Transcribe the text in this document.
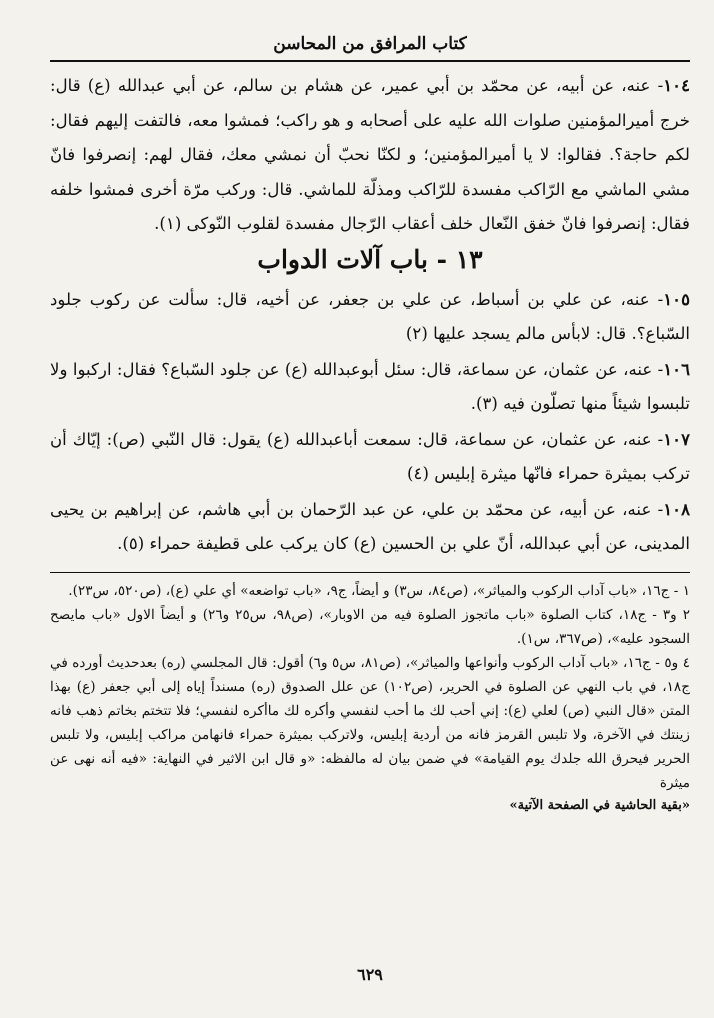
كتاب المرافق من المحاسن

١٠٤- عنه، عن أبيه، عن محمّد بن أبي عمير، عن هشام بن سالم، عن أبي عبدالله (ع) قال: خرج أميرالمؤمنين صلوات الله عليه على أصحابه و هو راكب؛ فمشوا معه، فالتفت إليهم فقال: لكم حاجة؟. فقالوا: لا يا أميرالمؤمنين؛ و لكنّا نحبّ أن نمشي معك، فقال لهم: إنصرفوا فانّ مشي الماشي مع الرّاكب مفسدة للرّاكب ومذلّة للماشي. قال: وركب مرّة أخرى فمشوا خلفه فقال: إنصرفوا فانّ خفق النّعال خلف أعقاب الرّجال مفسدة لقلوب النّوكى (١).

١٣ - باب آلات الدواب

١٠٥- عنه، عن علي بن أسباط، عن علي بن جعفر، عن أخيه، قال: سألت عن ركوب جلود السّباع؟. قال: لابأس مالم يسجد عليها (٢)

١٠٦- عنه، عن عثمان، عن سماعة، قال: سئل أبوعبدالله (ع) عن جلود السّباع؟ فقال: اركبوا ولا تلبسوا شيئاً منها تصلّون فيه (٣).

١٠٧- عنه، عن عثمان، عن سماعة، قال: سمعت أباعبدالله (ع) يقول: قال النّبي (ص): إيّاك أن تركب بميثرة حمراء فانّها ميثرة إبليس (٤)

١٠٨- عنه، عن أبيه، عن محمّد بن علي، عن عبد الرّحمان بن أبي هاشم، عن إبراهيم بن يحيى المدينى، عن أبي عبدالله، أنّ علي بن الحسين (ع) كان يركب على قطيفة حمراء (٥).

١ - ج١٦، «باب آداب الركوب والمياثر»، (ص٨٤، س٣) و أيضاً، ج٩، «باب تواضعه» أي علي (ع)، (ص٥٢٠، س٢٣).

٢ و٣ - ج١٨، كتاب الصلوة «باب ماتجوز الصلوة فيه من الاوبار»، (ص٩٨، س٢٥ و٢٦) و أيضاً الاول «باب مايصح السجود عليه»، (ص٣٦٧، س١).

٤ و٥ - ج١٦، «باب آداب الركوب وأنواعها والمياثر»، (ص٨١، س٥ و٦) أقول: قال المجلسي (ره) بعدحديث أورده في ج١٨، في باب النهي عن الصلوة في الحرير، (ص١٠٢) عن علل الصدوق (ره) مسنداً إياه إلى أبي جعفر (ع) بهذا المتن «قال النبي (ص) لعلي (ع): إني أحب لك ما أحب لنفسي وأكره لك ماأكره لنفسي؛ فلا تتختم بخاتم ذهب فانه زينتك في الآخرة، ولا تلبس القرمز فانه من أردية إبليس، ولاتركب بميثرة حمراء فانهامن مراكب إبليس، ولا تلبس الحرير فيحرق الله جلدك يوم القيامة» في ضمن بيان له مالفظه: «و قال ابن الاثير في النهاية: «فيه أنه نهى عن ميثرة

«بقية الحاشية في الصفحة الآتية»
٦٢٩
